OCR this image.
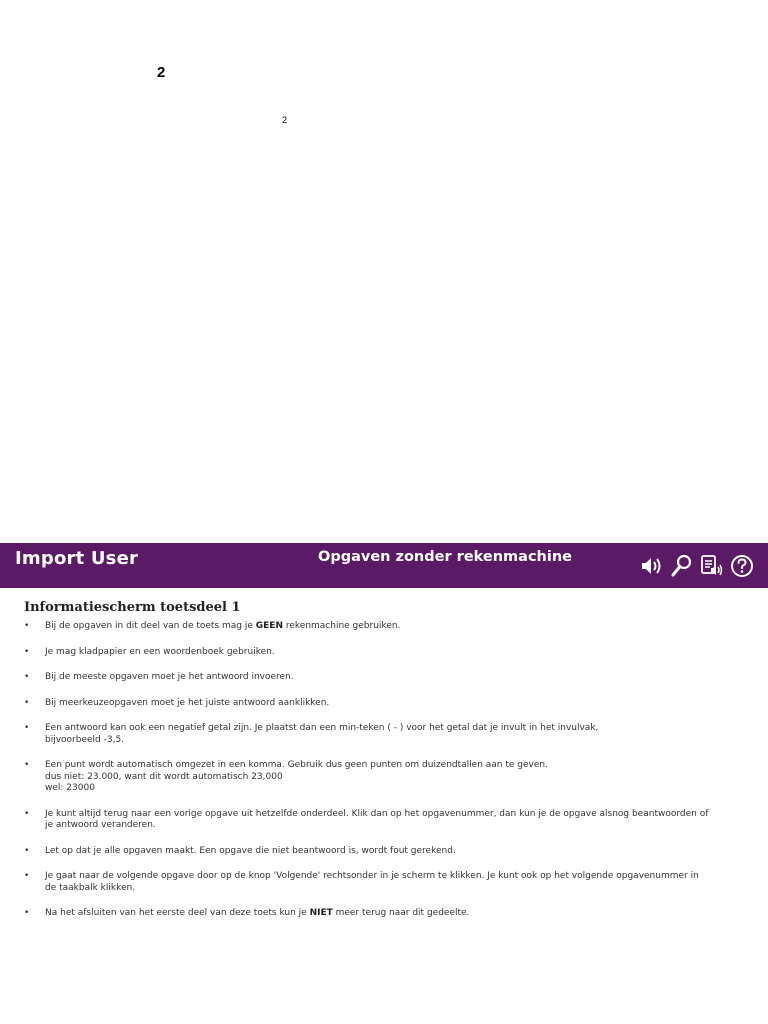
2
2
Import User	Opgaven zonder rekenmachine
Informatiescherm toetsdeel 1
• Bij de opgaven in dit deel van de toets mag je GEEN rekenmachine gebruiken.
• Je mag kladpapier en een woordenboek gebruiken.
• Bij de meeste opgaven moet je het antwoord invoeren.
• Bij meerkeuzeopgaven moet je het juiste antwoord aanklikken.
• Een antwoord kan ook een negatief getal zijn. Je plaatst dan een min-teken ( - ) voor het getal dat je invult in het invulvak,
bijvoorbeeld -3,5.
• Een punt wordt automatisch omgezet in een komma. Gebruik dus geen punten om duizendtallen aan te geven.
dus niet: 23.000, want dit wordt automatisch 23,000
wel: 23000
• Je kunt altijd terug naar een vorige opgave uit hetzelfde onderdeel. Klik dan op het opgavenummer, dan kun je de opgave alsnog beantwoorden of
je antwoord veranderen.
• Let op dat je alle opgaven maakt. Een opgave die niet beantwoord is, wordt fout gerekend.
• Je gaat naar de volgende opgave door op de knop 'Volgende' rechtsonder in je scherm te klikken. Je kunt ook op het volgende opgavenummer in
de taakbalk klikken.
• Na het afsluiten van het eerste deel van deze toets kun je NIET meer terug naar dit gedeelte.
